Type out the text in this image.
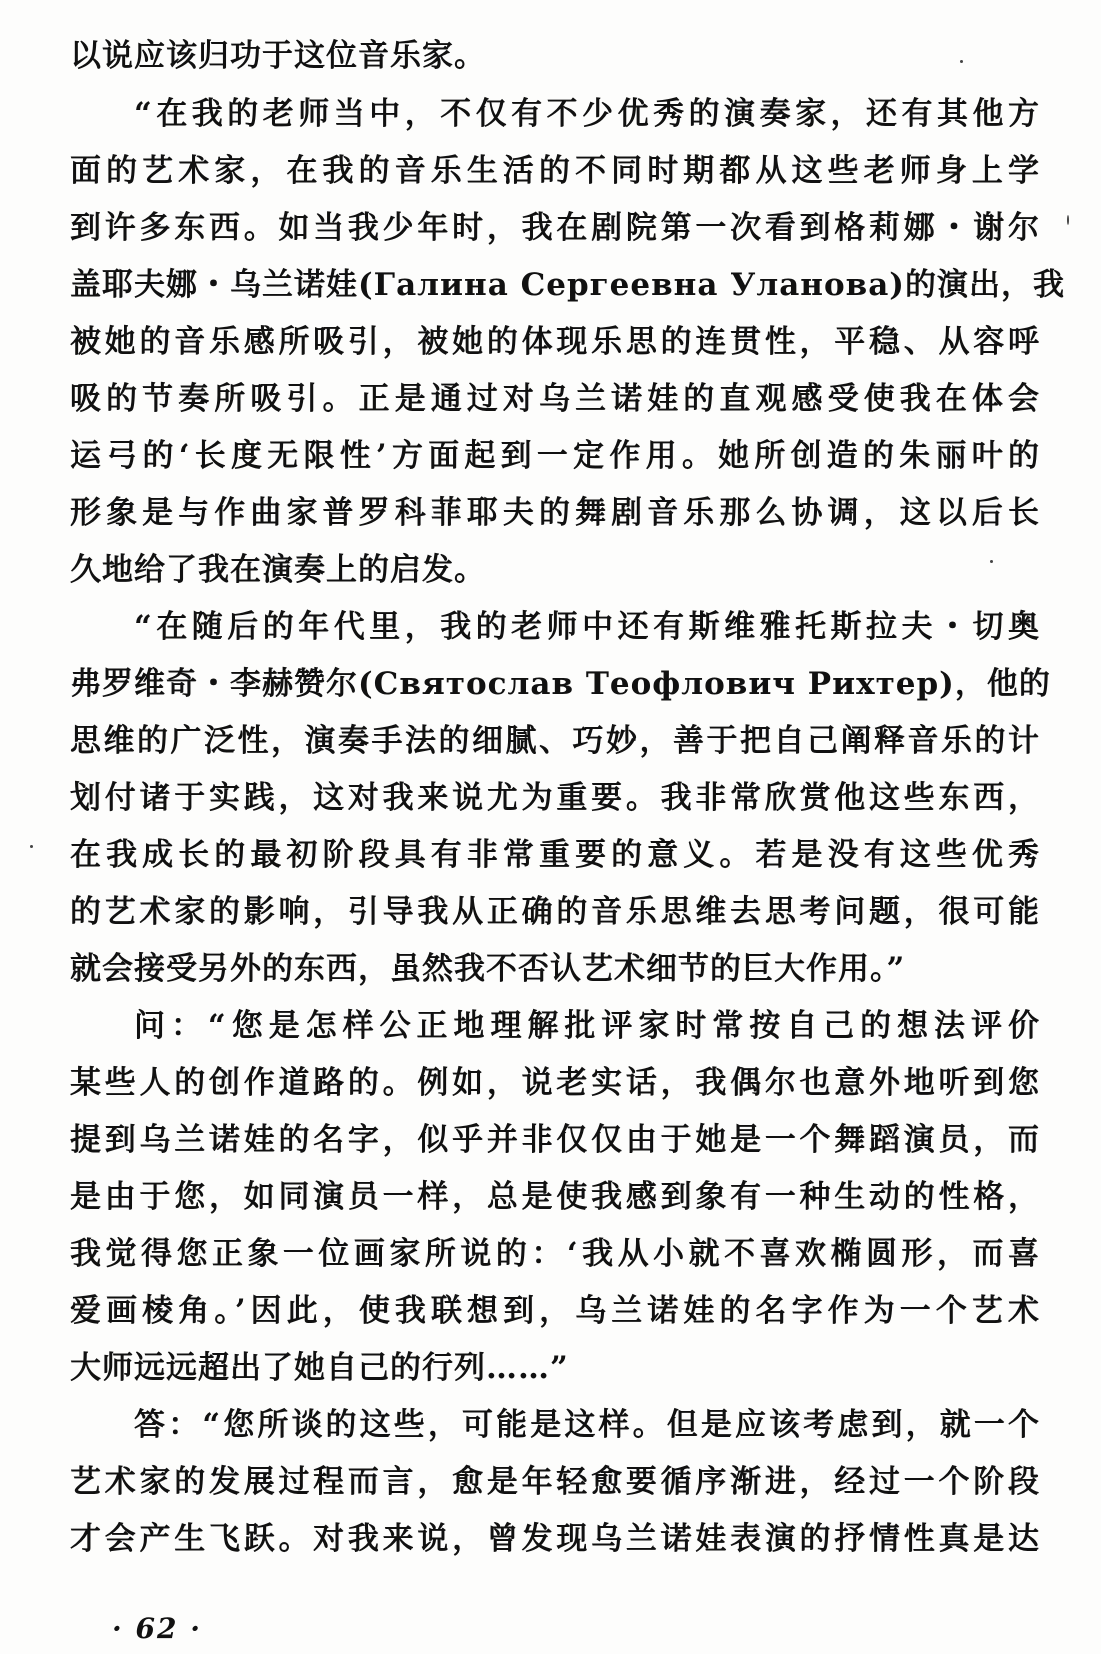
以说应该归功于这位音乐家。
“在我的老师当中，不仅有不少优秀的演奏家，还有其他方
面的艺术家，在我的音乐生活的不同时期都从这些老师身上学
到许多东西。如当我少年时，我在剧院第一次看到格莉娜・谢尔
盖耶夫娜・乌兰诺娃(Галина Сергеевна Уланова)的演出，我
被她的音乐感所吸引，被她的体现乐思的连贯性，平稳、从容呼
吸的节奏所吸引。正是通过对乌兰诺娃的直观感受使我在体会
运弓的‘长度无限性’方面起到一定作用。她所创造的朱丽叶的
形象是与作曲家普罗科菲耶夫的舞剧音乐那么协调，这以后长
久地给了我在演奏上的启发。
“在随后的年代里，我的老师中还有斯维雅托斯拉夫・切奥
弗罗维奇・李赫赞尔(Святослав Теофлович Рихтер)，他的
思维的广泛性，演奏手法的细腻、巧妙，善于把自己阐释音乐的计
划付诸于实践，这对我来说尤为重要。我非常欣赏他这些东西，
在我成长的最初阶段具有非常重要的意义。若是没有这些优秀
的艺术家的影响，引导我从正确的音乐思维去思考问题，很可能
就会接受另外的东西，虽然我不否认艺术细节的巨大作用。”
问：“您是怎样公正地理解批评家时常按自己的想法评价
某些人的创作道路的。例如，说老实话，我偶尔也意外地听到您
提到乌兰诺娃的名字，似乎并非仅仅由于她是一个舞蹈演员，而
是由于您，如同演员一样，总是使我感到象有一种生动的性格，
我觉得您正象一位画家所说的：‘我从小就不喜欢椭圆形，而喜
爱画棱角。’因此，使我联想到，乌兰诺娃的名字作为一个艺术
大师远远超出了她自己的行列……”
答：“您所谈的这些，可能是这样。但是应该考虑到，就一个
艺术家的发展过程而言，愈是年轻愈要循序渐进，经过一个阶段
才会产生飞跃。对我来说，曾发现乌兰诺娃表演的抒情性真是达
· 62 ·
